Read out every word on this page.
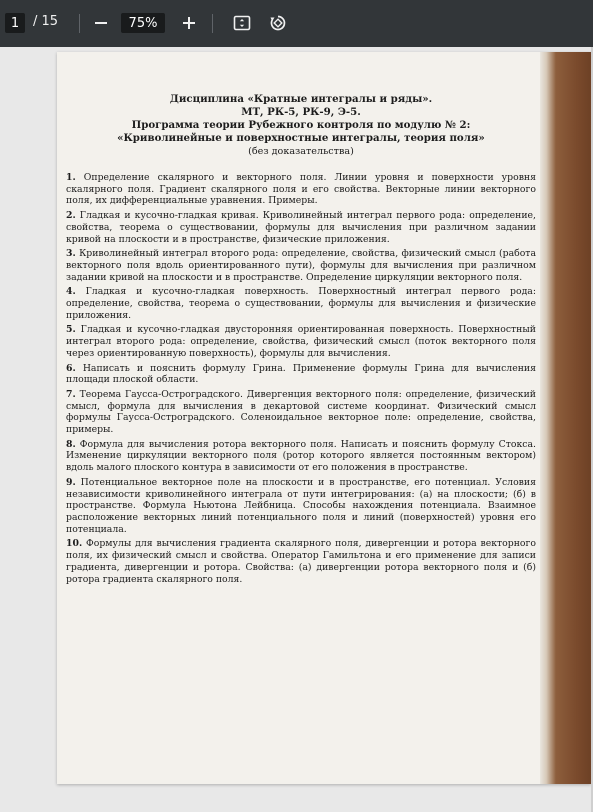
1	/ 15	75%
Дисциплина «Кратные интегралы и ряды».
МТ, РК-5, РК-9, Э-5.
Программа теории Рубежного контроля по модулю № 2:
«Криволинейные и поверхностные интегралы, теория поля»
(без доказательства)
1. Определение скалярного и векторного поля. Линии уровня и поверхности уровня скалярного поля. Градиент скалярного поля и его свойства. Векторные линии векторного поля, их дифференциальные уравнения. Примеры.
2. Гладкая и кусочно-гладкая кривая. Криволинейный интеграл первого рода: определение, свойства, теорема о существовании, формулы для вычисления при различном задании кривой на плоскости и в пространстве, физические приложения.
3. Криволинейный интеграл второго рода: определение, свойства, физический смысл (работа векторного поля вдоль ориентированного пути), формулы для вычисления при различном задании кривой на плоскости и в пространстве. Определение циркуляции векторного поля.
4. Гладкая и кусочно-гладкая поверхность. Поверхностный интеграл первого рода: определение, свойства, теорема о существовании, формулы для вычисления и физические приложения.
5. Гладкая и кусочно-гладкая двусторонняя ориентированная поверхность. Поверхностный интеграл второго рода: определение, свойства, физический смысл (поток векторного поля через ориентированную поверхность), формулы для вычисления.
6. Написать и пояснить формулу Грина. Применение формулы Грина для вычисления площади плоской области.
7. Теорема Гаусса-Остроградского. Дивергенция векторного поля: определение, физический смысл, формула для вычисления в декартовой системе координат. Физический смысл формулы Гаусса-Остроградского. Соленоидальное векторное поле: определение, свойства, примеры.
8. Формула для вычисления ротора векторного поля. Написать и пояснить формулу Стокса. Изменение циркуляции векторного поля (ротор которого является постоянным вектором) вдоль малого плоского контура в зависимости от его положения в пространстве.
9. Потенциальное векторное поле на плоскости и в пространстве, его потенциал. Условия независимости криволинейного интеграла от пути интегрирования: (а) на плоскости; (б) в пространстве. Формула Ньютона Лейбница. Способы нахождения потенциала. Взаимное расположение векторных линий потенциального поля и линий (поверхностей) уровня его потенциала.
10. Формулы для вычисления градиента скалярного поля, дивергенции и ротора векторного поля, их физический смысл и свойства. Оператор Гамильтона и его применение для записи градиента, дивергенции и ротора. Свойства: (а) дивергенции ротора векторного поля и (б) ротора градиента скалярного поля.
